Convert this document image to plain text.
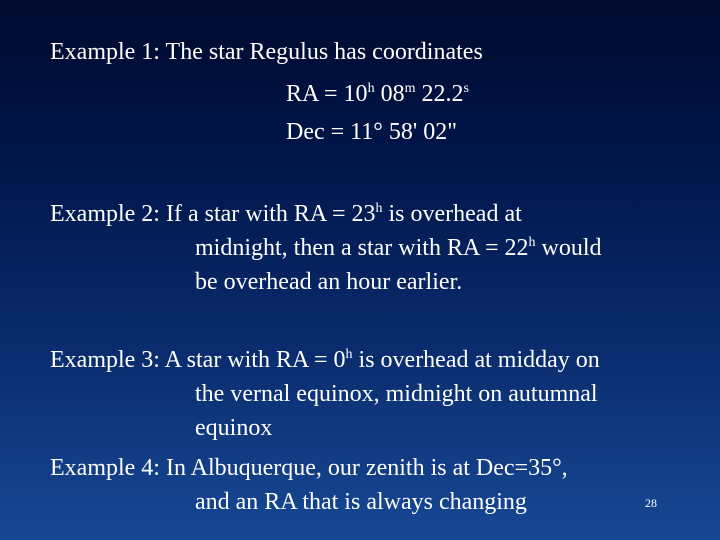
Example 1: The star Regulus has coordinates
RA = $10^h$ 08$^m$ 22.2$^s$
Dec = 11° 58' 02"
Example 2: If a star with RA = $23^h$ is overhead at
midnight, then a star with RA = $22^h$ would
be overhead an hour earlier.
Example 3: A star with RA = $0^h$ is overhead at midday on
the vernal equinox, midnight on autumnal
equinox
Example 4: In Albuquerque, our zenith is at Dec=35°,
and an RA that is always changing	28
